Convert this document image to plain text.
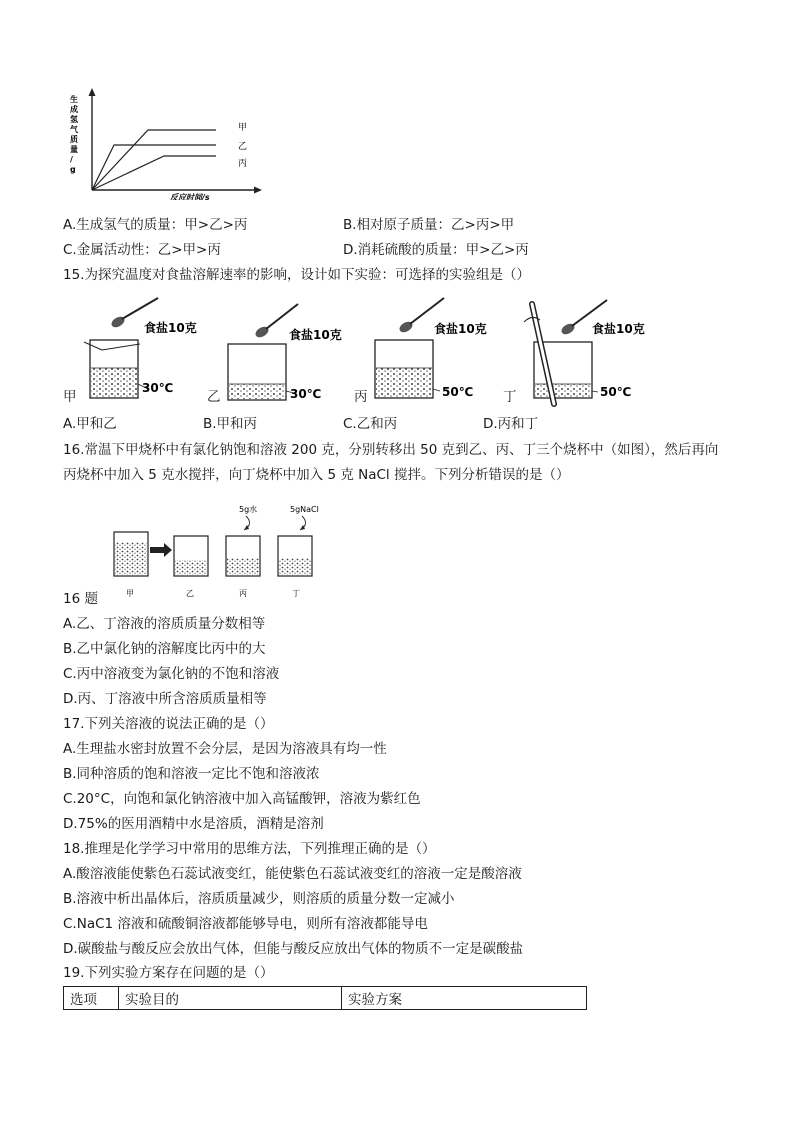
生
成
氢
气
质
量
/
g
甲
乙
丙
反应时间/s
A.生成氢气的质量：甲>乙>丙	B.相对原子质量：乙>丙>甲
C.金属活动性：乙>甲>丙	D.消耗硫酸的质量：甲>乙>丙
15.为探究温度对食盐溶解速率的影响，设计如下实验：可选择的实验组是（）
食盐10克
30℃
食盐10克
30℃
食盐10克
50℃
食盐10克
50℃
甲	乙	丙	丁
A.甲和乙	B.甲和丙	C.乙和丙	D.丙和丁
16.常温下甲烧杯中有氯化钠饱和溶液 200 克，分别转移出 50 克到乙、丙、丁三个烧杯中（如图），然后再向
丙烧杯中加入 5 克水搅拌，向丁烧杯中加入 5 克 NaCl 搅拌。下列分析错误的是（）
5g水	5gNaCl
甲	乙	丙	丁
16 题
A.乙、丁溶液的溶质质量分数相等
B.乙中氯化钠的溶解度比丙中的大
C.丙中溶液变为氯化钠的不饱和溶液
D.丙、丁溶液中所含溶质质量相等
17.下列关溶液的说法正确的是（）
A.生理盐水密封放置不会分层，是因为溶液具有均一性
B.同种溶质的饱和溶液一定比不饱和溶液浓
C.20°C，向饱和氯化钠溶液中加入高锰酸钾，溶液为紫红色
D.75%的医用酒精中水是溶质，酒精是溶剂
18.推理是化学学习中常用的思维方法，下列推理正确的是（）
A.酸溶液能使紫色石蕊试液变红，能使紫色石蕊试液变红的溶液一定是酸溶液
B.溶液中析出晶体后，溶质质量减少，则溶质的质量分数一定减小
C.NaC1 溶液和硫酸铜溶液都能够导电，则所有溶液都能导电
D.碳酸盐与酸反应会放出气体，但能与酸反应放出气体的物质不一定是碳酸盐
19.下列实验方案存在问题的是（）
选项	实验目的	实验方案
